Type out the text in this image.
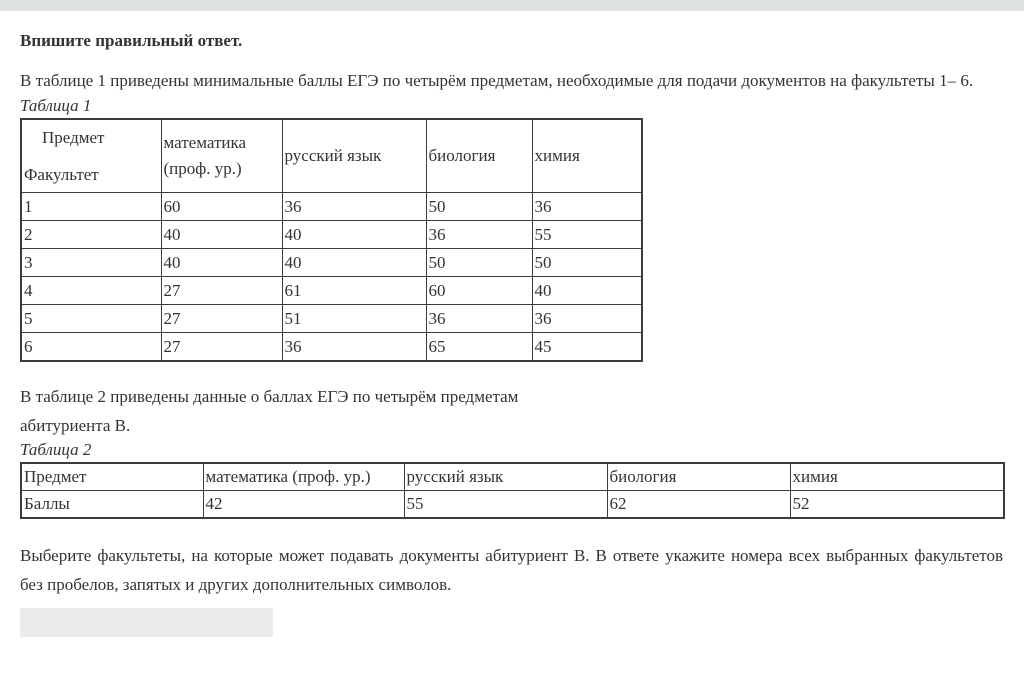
Впишите правильный ответ.

В таблице 1 приведены минимальные баллы ЕГЭ по четырём предметам, необходимые для подачи документов на факультеты 1– 6.

Таблица 1
Предмет
Факультет	математика (проф. ур.)	русский язык	биология	химия
1	60	36	50	36
2	40	40	36	55
3	40	40	50	50
4	27	61	60	40
5	27	51	36	36
6	27	36	65	45
В таблице 2 приведены данные о баллах ЕГЭ по четырём предметам
абитуриента В.
Таблица 2
Предмет	математика (проф. ур.)	русский язык	биология	химия
Баллы	42	55	62	52

Выберите факультеты, на которые может подавать документы абитуриент В. В ответе укажите номера всех выбранных факультетов без пробелов, запятых и других дополнительных символов.
